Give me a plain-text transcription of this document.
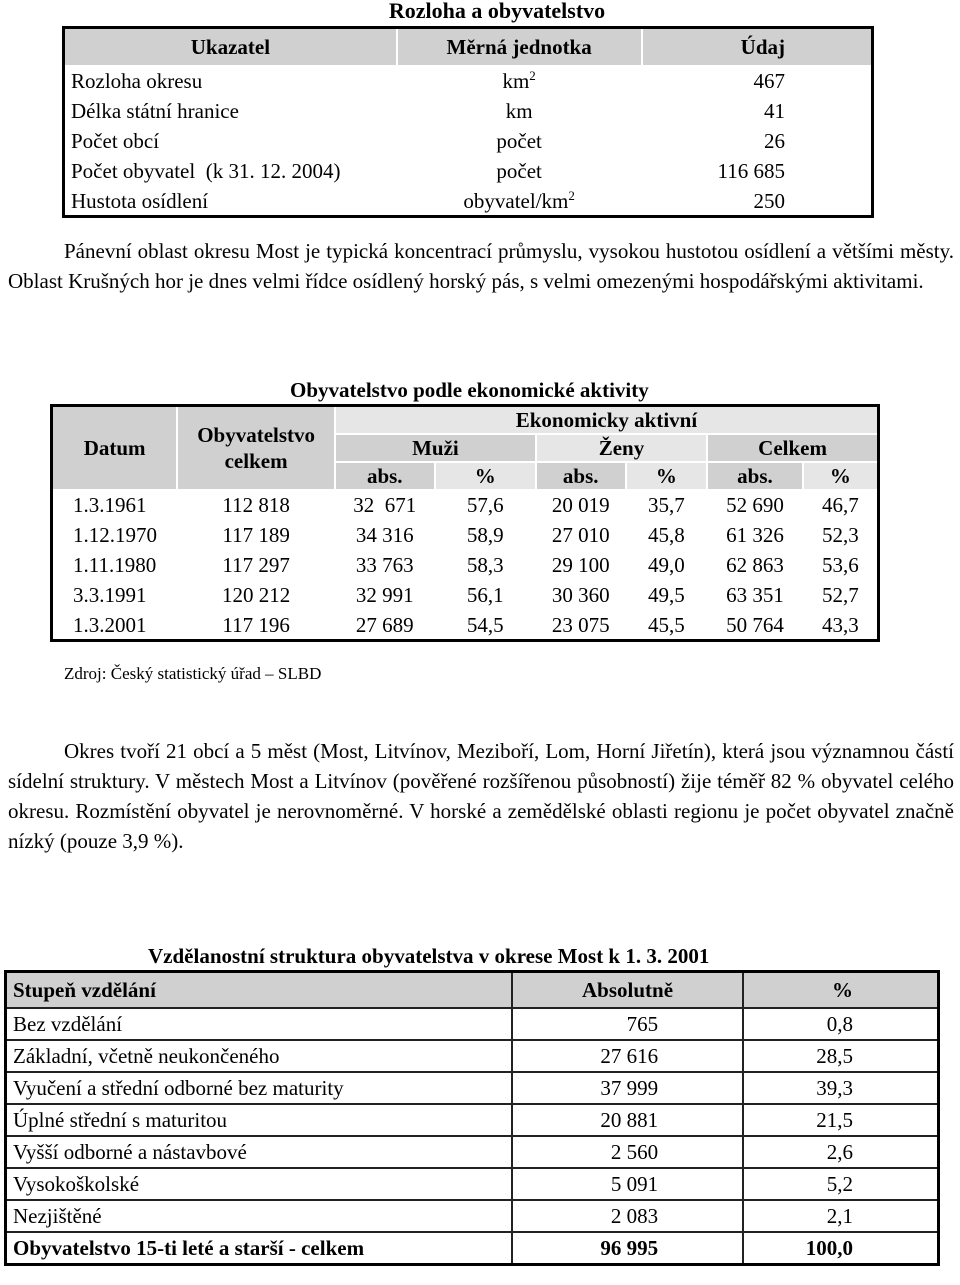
Rozloha a obyvatelstvo
Ukazatel	Měrná jednotka	Údaj
Rozloha okresu	$km^2$	467
Délka státní hranice	km	41
Počet obcí	počet	26
Počet obyvatel  (k 31. 12. 2004)	počet	116 685
Hustota osídlení	obyvatel/$km^2$	250
Pánevní oblast okresu Most je typická koncentrací průmyslu, vysokou hustotou osídlení a většími městy. Oblast Krušných hor je dnes velmi řídce osídlený horský pás, s velmi omezenými hospodářskými aktivitami.
Obyvatelstvo podle ekonomické aktivity
Datum	Obyvatelstvo celkem	Ekonomicky aktivní					
		Muži		Ženy		Celkem	
		abs.	%	abs.	%	abs.	%
1.3.1961	112 818	32  671	57,6	20 019	35,7	52 690	46,7
1.12.1970	117 189	34 316	58,9	27 010	45,8	61 326	52,3
1.11.1980	117 297	33 763	58,3	29 100	49,0	62 863	53,6
3.3.1991	120 212	32 991	56,1	30 360	49,5	63 351	52,7
1.3.2001	117 196	27 689	54,5	23 075	45,5	50 764	43,3
Zdroj: Český statistický úřad – SLBD
Okres tvoří 21 obcí a 5 měst (Most, Litvínov, Meziboří, Lom, Horní Jiřetín), která jsou významnou částí sídelní struktury. V městech Most a Litvínov (pověřené rozšířenou působností) žije téměř 82 % obyvatel celého okresu. Rozmístění obyvatel je nerovnoměrné. V horské a zemědělské oblasti regionu je počet obyvatel značně nízký (pouze 3,9 %).
Vzdělanostní struktura obyvatelstva v okrese Most k 1. 3. 2001
Stupeň vzdělání	Absolutně	%
Bez vzdělání	765	0,8
Základní, včetně neukončeného	27 616	28,5
Vyučení a střední odborné bez maturity	37 999	39,3
Úplné střední s maturitou	20 881	21,5
Vyšší odborné a nástavbové	2 560	2,6
Vysokoškolské	5 091	5,2
Nezjištěné	2 083	2,1
Obyvatelstvo 15-ti leté a starší - celkem	96 995	100,0
